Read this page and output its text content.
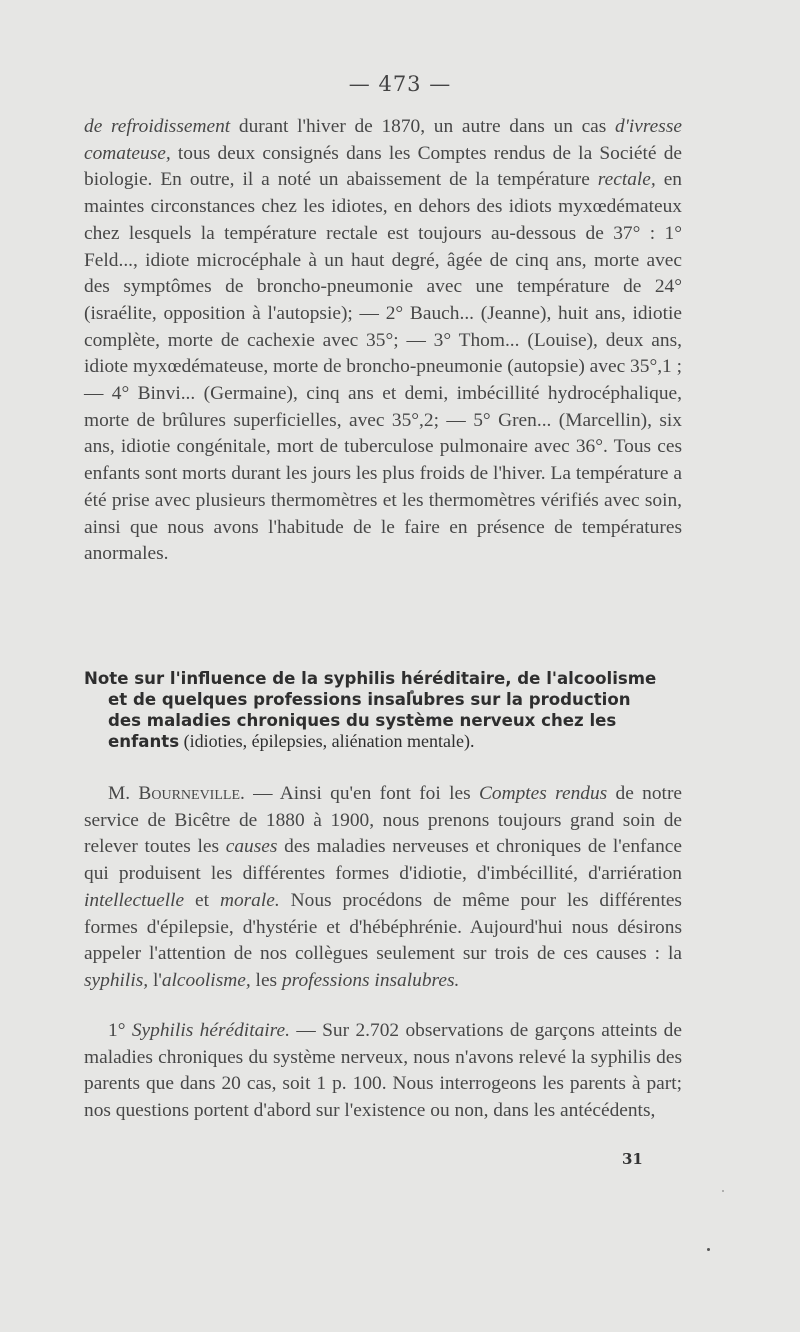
— 473 —

de refroidissement durant l'hiver de 1870, un autre dans un cas d'ivresse comateuse, tous deux consignés dans les Comptes rendus de la Société de biologie. En outre, il a noté un abaissement de la température rectale, en maintes circonstances chez les idiotes, en dehors des idiots myxœdémateux chez lesquels la température rectale est toujours au-dessous de 37° : 1° Feld..., idiote microcéphale à un haut degré, âgée de cinq ans, morte avec des symptômes de broncho-pneumonie avec une température de 24° (israélite, opposition à l'autopsie); — 2° Bauch... (Jeanne), huit ans, idiotie complète, morte de cachexie avec 35°; — 3° Thom... (Louise), deux ans, idiote myxœdémateuse, morte de broncho-pneumonie (autopsie) avec 35°,1 ; — 4° Binvi... (Germaine), cinq ans et demi, imbécillité hydrocéphalique, morte de brûlures superficielles, avec 35°,2; — 5° Gren... (Marcellin), six ans, idiotie congénitale, mort de tuberculose pulmonaire avec 36°. Tous ces enfants sont morts durant les jours les plus froids de l'hiver. La température a été prise avec plusieurs thermomètres et les thermomètres vérifiés avec soin, ainsi que nous avons l'habitude de le faire en présence de températures anormales.

Note sur l'influence de la syphilis héréditaire, de l'alcoolisme
et de quelques professions insalubres sur la production
des maladies chroniques du système nerveux chez les
enfants (idioties, épilepsies, aliénation mentale).

M. Bourneville. — Ainsi qu'en font foi les Comptes rendus de notre service de Bicêtre de 1880 à 1900, nous prenons toujours grand soin de relever toutes les causes des maladies nerveuses et chroniques de l'enfance qui produisent les différentes formes d'idiotie, d'imbécillité, d'arriération intellectuelle et morale. Nous procédons de même pour les différentes formes d'épilepsie, d'hystérie et d'hébéphrénie. Aujourd'hui nous désirons appeler l'attention de nos collègues seulement sur trois de ces causes : la syphilis, l'alcoolisme, les professions insalubres.

1° Syphilis héréditaire. — Sur 2.702 observations de garçons atteints de maladies chroniques du système nerveux, nous n'avons relevé la syphilis des parents que dans 20 cas, soit 1 p. 100. Nous interrogeons les parents à part; nos questions portent d'abord sur l'existence ou non, dans les antécédents,

31
